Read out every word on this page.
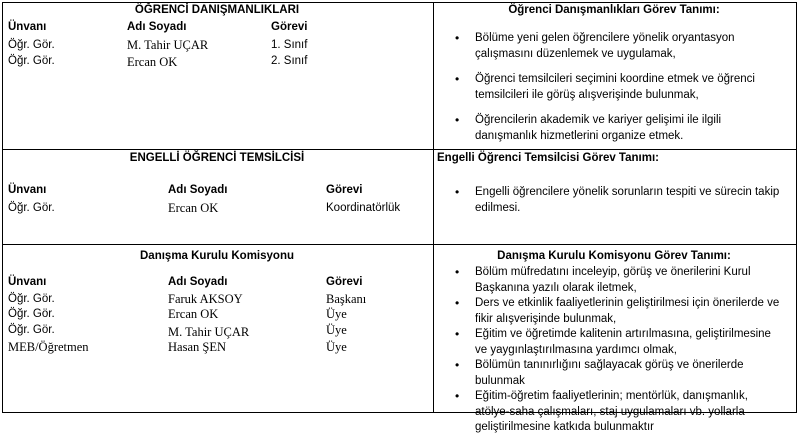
ÖĞRENCİ DANIŞMANLIKLARI
Ünvanı	Adı Soyadı	Görevi
Öğr. Gör.	M. Tahir UÇAR	1. Sınıf
Öğr. Gör.	Ercan OK	2. Sınıf
Öğrenci Danışmanlıkları Görev Tanımı:
• Bölüme yeni gelen öğrencilere yönelik oryantasyon çalışmasını düzenlemek ve uygulamak,
• Öğrenci temsilcileri seçimini koordine etmek ve öğrenci temsilcileri ile görüş alışverişinde bulunmak,
• Öğrencilerin akademik ve kariyer gelişimi ile ilgili danışmanlık hizmetlerini organize etmek.
ENGELLİ ÖĞRENCİ TEMSİLCİSİ
Ünvanı	Adı Soyadı	Görevi
Öğr. Gör.	Ercan OK	Koordinatörlük
Engelli Öğrenci Temsilcisi Görev Tanımı:
• Engelli öğrencilere yönelik sorunların tespiti ve sürecin takip edilmesi.
Danışma Kurulu Komisyonu
Ünvanı	Adı Soyadı	Görevi
Öğr. Gör.	Faruk AKSOY	Başkanı
Öğr. Gör.	Ercan OK	Üye
Öğr. Gör.	M. Tahir UÇAR	Üye
MEB/Öğretmen	Hasan ŞEN	Üye
Danışma Kurulu Komisyonu Görev Tanımı:
• Bölüm müfredatını inceleyip, görüş ve önerilerini Kurul Başkanına yazılı olarak iletmek,
• Ders ve etkinlik faaliyetlerinin geliştirilmesi için önerilerde ve fikir alışverişinde bulunmak,
• Eğitim ve öğretimde kalitenin artırılmasına, geliştirilmesine ve yaygınlaştırılmasına yardımcı olmak,
• Bölümün tanınırlığını sağlayacak görüş ve önerilerde bulunmak
• Eğitim-öğretim faaliyetlerinin; mentörlük, danışmanlık, atölye-saha çalışmaları, staj uygulamaları vb. yollarla geliştirilmesine katkıda bulunmaktır
